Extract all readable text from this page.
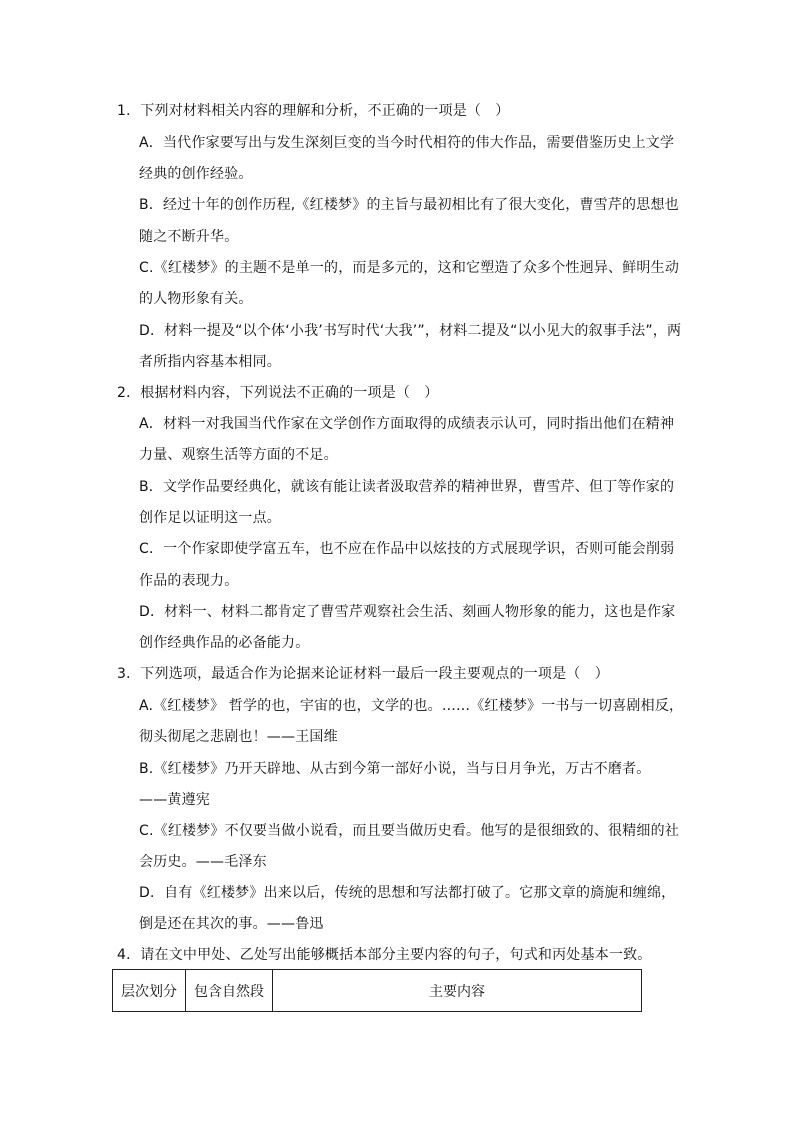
1．下列对材料相关内容的理解和分析，不正确的一项是（　）
A．当代作家要写出与发生深刻巨变的当今时代相符的伟大作品，需要借鉴历史上文学
经典的创作经验。
B．经过十年的创作历程,《红楼梦》的主旨与最初相比有了很大变化，曹雪芹的思想也
随之不断升华。
C.《红楼梦》的主题不是单一的，而是多元的，这和它塑造了众多个性迥异、鲜明生动
的人物形象有关。
D．材料一提及“以个体‘小我’书写时代‘大我’”，材料二提及“以小见大的叙事手法”，两
者所指内容基本相同。
2．根据材料内容，下列说法不正确的一项是（　）
A．材料一对我国当代作家在文学创作方面取得的成绩表示认可，同时指出他们在精神
力量、观察生活等方面的不足。
B．文学作品要经典化，就该有能让读者汲取营养的精神世界，曹雪芹、但丁等作家的
创作足以证明这一点。
C．一个作家即使学富五车，也不应在作品中以炫技的方式展现学识，否则可能会削弱
作品的表现力。
D．材料一、材料二都肯定了曹雪芹观察社会生活、刻画人物形象的能力，这也是作家
创作经典作品的必备能力。
3．下列选项，最适合作为论据来论证材料一最后一段主要观点的一项是（　）
A.《红楼梦》 哲学的也，宇宙的也，文学的也。……《红楼梦》一书与一切喜剧相反，
彻头彻尾之悲剧也！——王国维
B.《红楼梦》乃开天辟地、从古到今第一部好小说，当与日月争光，万古不磨者。
——黄遵宪
C.《红楼梦》不仅要当做小说看，而且要当做历史看。他写的是很细致的、很精细的社
会历史。——毛泽东
D．自有《红楼梦》出来以后，传统的思想和写法都打破了。它那文章的旖旎和缠绵，
倒是还在其次的事。——鲁迅
4．请在文中甲处、乙处写出能够概括本部分主要内容的句子，句式和丙处基本一致。
层次划分	包含自然段	主要内容
